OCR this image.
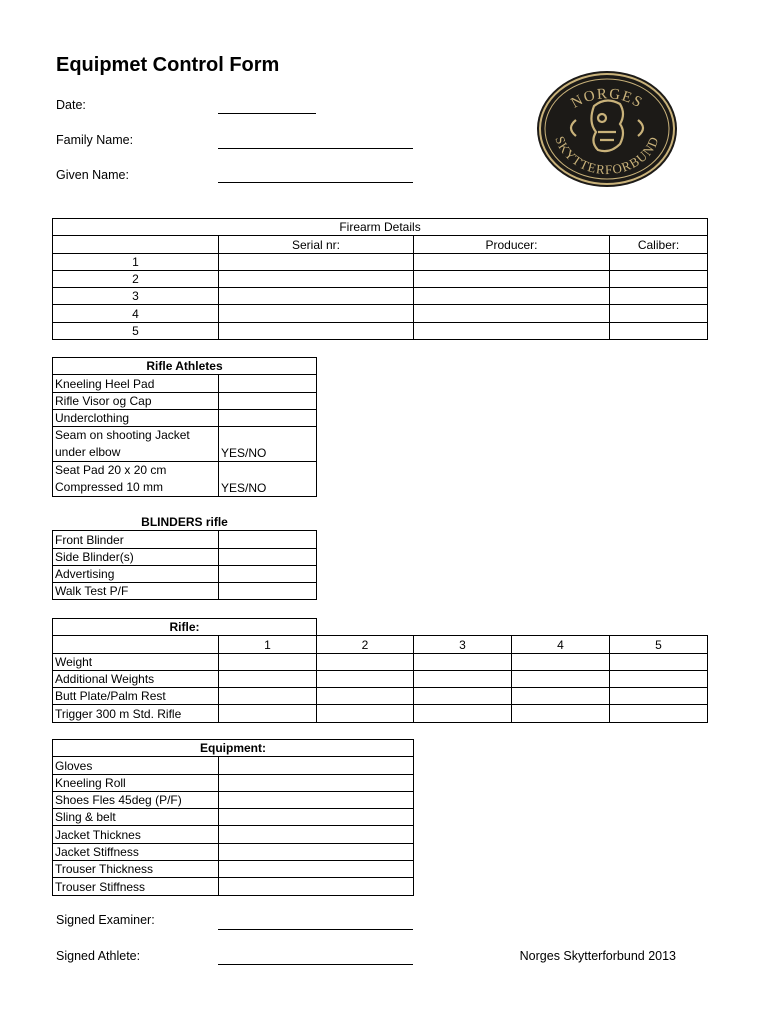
Equipmet Control Form
Date:
Family Name:
Given Name:
NORGES
SKYTTERFORBUND
Firearm Details			
	Serial nr:	Producer:	Caliber:
1			
2			
3			
4			
5			
Rifle Athletes	
Kneeling Heel Pad	
Rifle Visor og Cap	
Underclothing	
Seam on shooting Jacket under elbow	YES/NO
Seat Pad 20 x 20 cm Compressed 10 mm	YES/NO
BLINDERS rifle	
Front Blinder	
Side Blinder(s)	
Advertising	
Walk Test P/F	
Rifle:					
	1	2	3	4	5
Weight					
Additional Weights					
Butt Plate/Palm Rest					
Trigger 300 m Std. Rifle					
Equipment:	
Gloves	
Kneeling Roll	
Shoes Fles 45deg (P/F)	
Sling & belt	
Jacket Thicknes	
Jacket Stiffness	
Trouser Thickness	
Trouser Stiffness	
Signed Examiner:
Signed Athlete:	Norges Skytterforbund 2013
